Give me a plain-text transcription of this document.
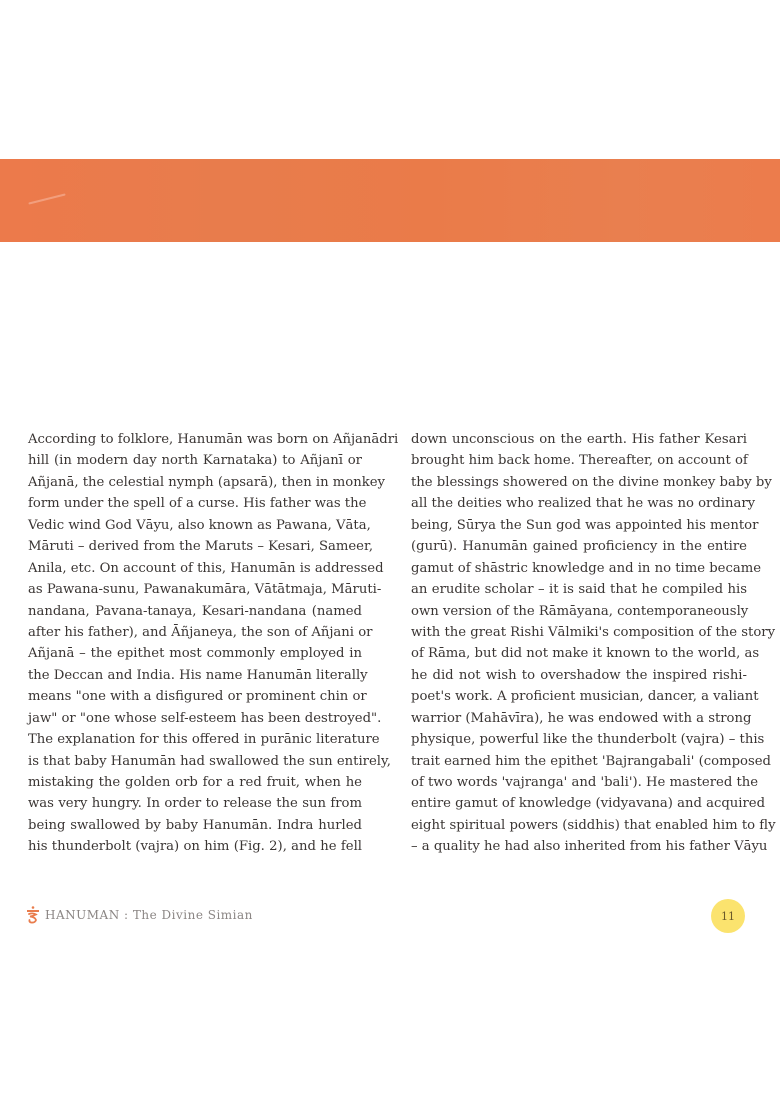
According to folklore, Hanumān was born on Añjanādri
hill (in modern day north Karnataka) to Añjanī or
Añjanā, the celestial nymph (apsarā), then in monkey
form under the spell of a curse. His father was the
Vedic wind God Vāyu, also known as Pawana, Vāta,
Māruti – derived from the Maruts – Kesari, Sameer,
Anila, etc. On account of this, Hanumān is addressed
as Pawana-sunu, Pawanakumāra, Vātātmaja, Māruti-
nandana, Pavana-tanaya, Kesari-nandana (named
after his father), and Āñjaneya, the son of Añjani or
Añjanā – the epithet most commonly employed in
the Deccan and India. His name Hanumān literally
means "one with a disfigured or prominent chin or
jaw" or "one whose self-esteem has been destroyed".
The explanation for this offered in purānic literature
is that baby Hanumān had swallowed the sun entirely,
mistaking the golden orb for a red fruit, when he
was very hungry. In order to release the sun from
being swallowed by baby Hanumān. Indra hurled
his thunderbolt (vajra) on him (Fig. 2), and he fell
down unconscious on the earth. His father Kesari
brought him back home. Thereafter, on account of
the blessings showered on the divine monkey baby by
all the deities who realized that he was no ordinary
being, Sūrya the Sun god was appointed his mentor
(gurū). Hanumān gained proficiency in the entire
gamut of shāstric knowledge and in no time became
an erudite scholar – it is said that he compiled his
own version of the Rāmāyana, contemporaneously
with the great Rishi Vālmiki's composition of the story
of Rāma, but did not make it known to the world, as
he did not wish to overshadow the inspired rishi-
poet's work. A proficient musician, dancer, a valiant
warrior (Mahāvīra), he was endowed with a strong
physique, powerful like the thunderbolt (vajra) – this
trait earned him the epithet 'Bajrangabali' (composed
of two words 'vajranga' and 'bali'). He mastered the
entire gamut of knowledge (vidyavana) and acquired
eight spiritual powers (siddhis) that enabled him to fly
– a quality he had also inherited from his father Vāyu
HANUMAN : The Divine Simian	11
